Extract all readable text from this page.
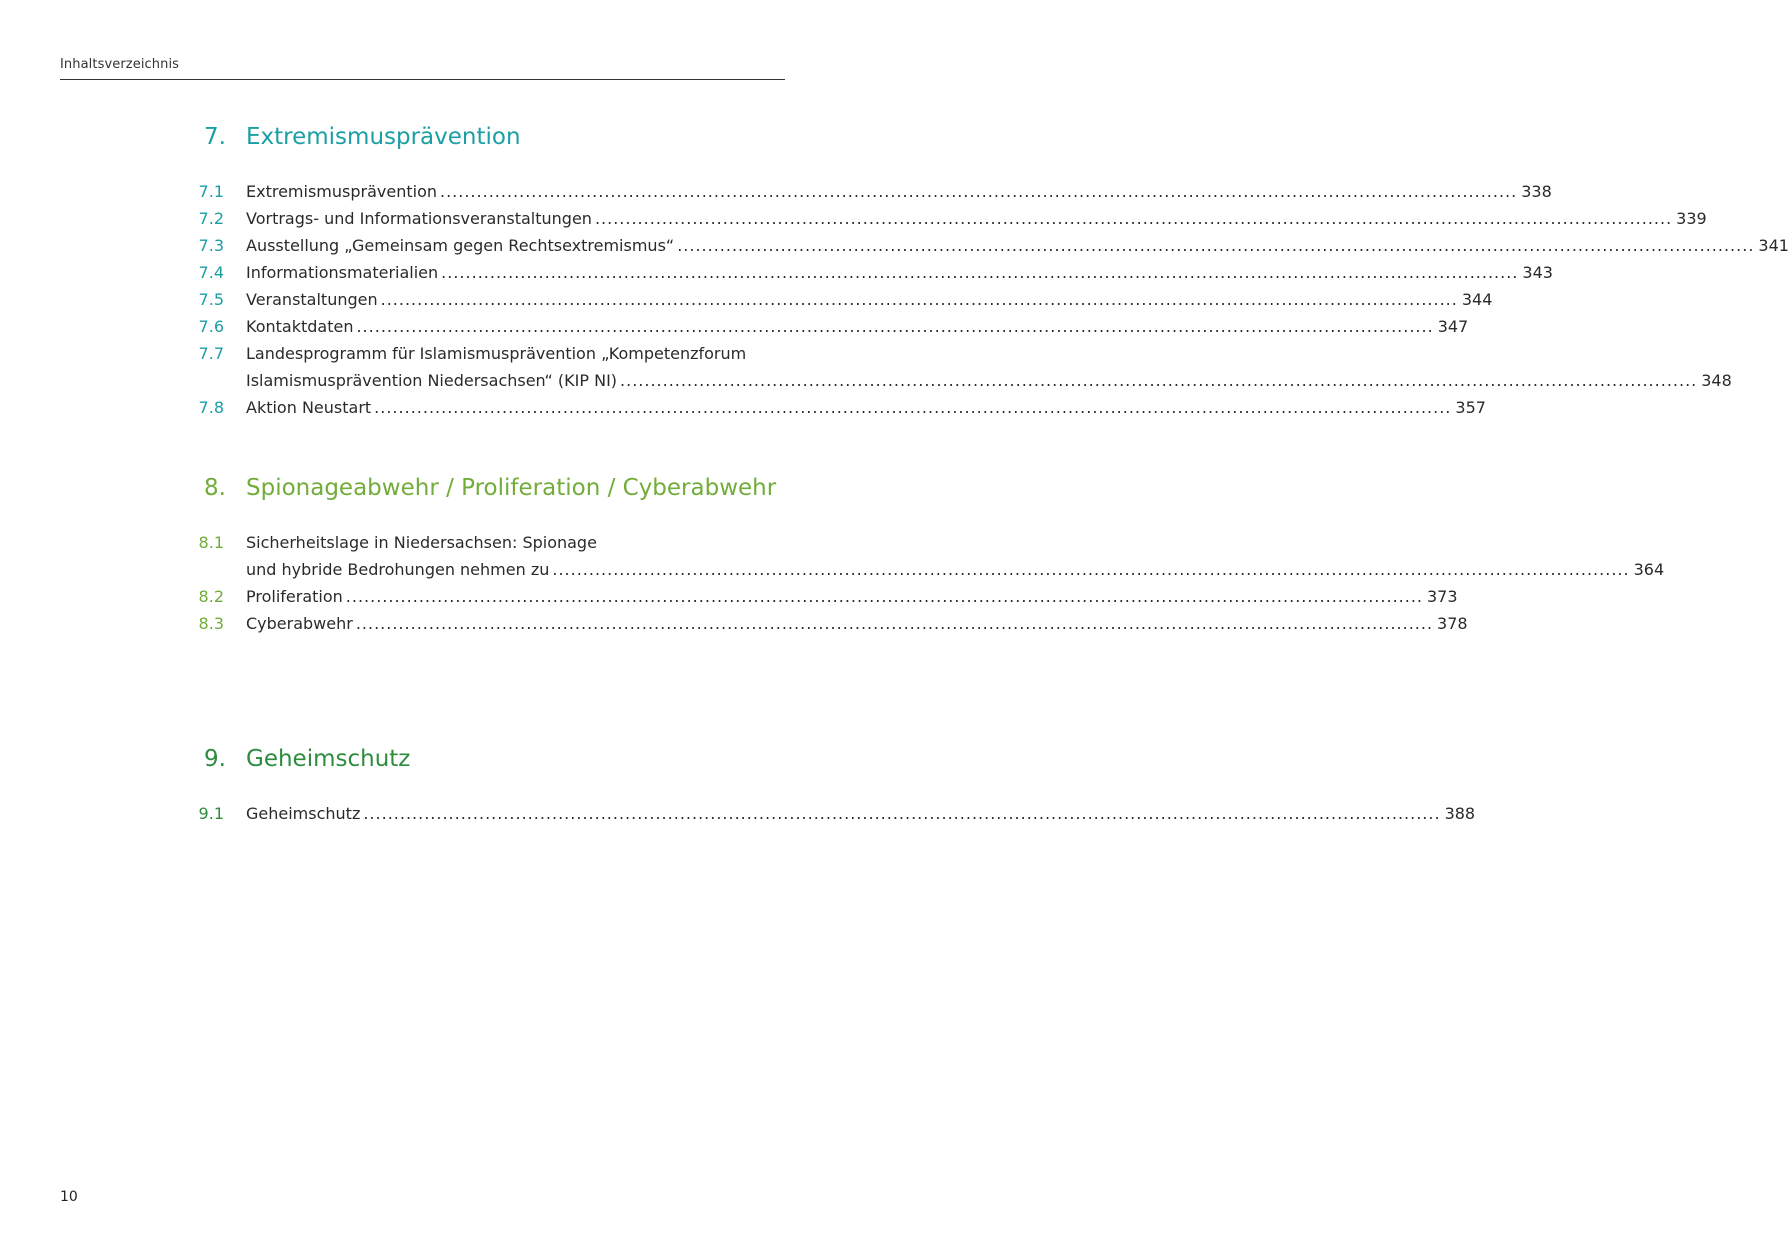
Inhaltsverzeichnis
7. Extremismusprävention
7.1	Extremismusprävention .....	338
7.2	Vortrags- und Informationsveranstaltungen .....	339
7.3	Ausstellung „Gemeinsam gegen Rechtsextremismus“ .....	341
7.4	Informationsmaterialien .....	343
7.5	Veranstaltungen .....	344
7.6	Kontaktdaten .....	347
7.7	Landesprogramm für Islamismusprävention „Kompetenzforum
Islamismusprävention Niedersachsen“ (KIP NI) .....	348
7.8	Aktion Neustart .....	357
8. Spionageabwehr / Proliferation / Cyberabwehr
8.1	Sicherheitslage in Niedersachsen: Spionage
und hybride Bedrohungen nehmen zu .....	364
8.2	Proliferation .....	373
8.3	Cyberabwehr .....	378
9. Geheimschutz
9.1	Geheimschutz .....	388
10
